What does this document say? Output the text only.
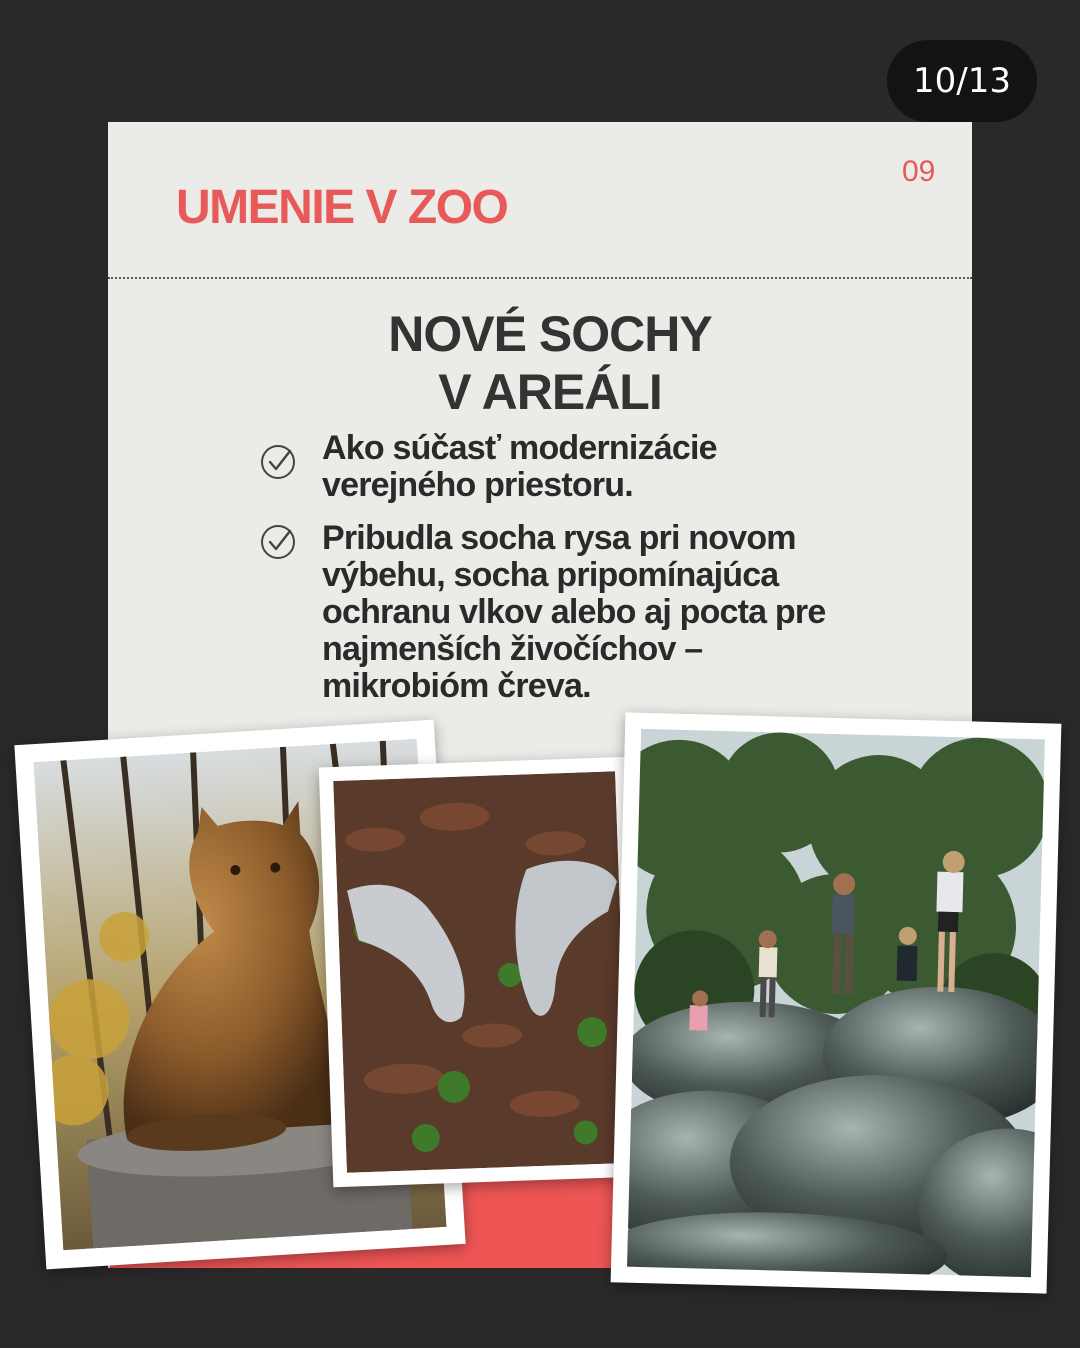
10/13
09
UMENIE V ZOO
NOVÉ SOCHY
V AREÁLI
Ako súčasť modernizácie
verejného priestoru.
Pribudla socha rysa pri novom
výbehu, socha pripomínajúca
ochranu vlkov alebo aj pocta pre
najmenších živočíchov –
mikrobióm čreva.
